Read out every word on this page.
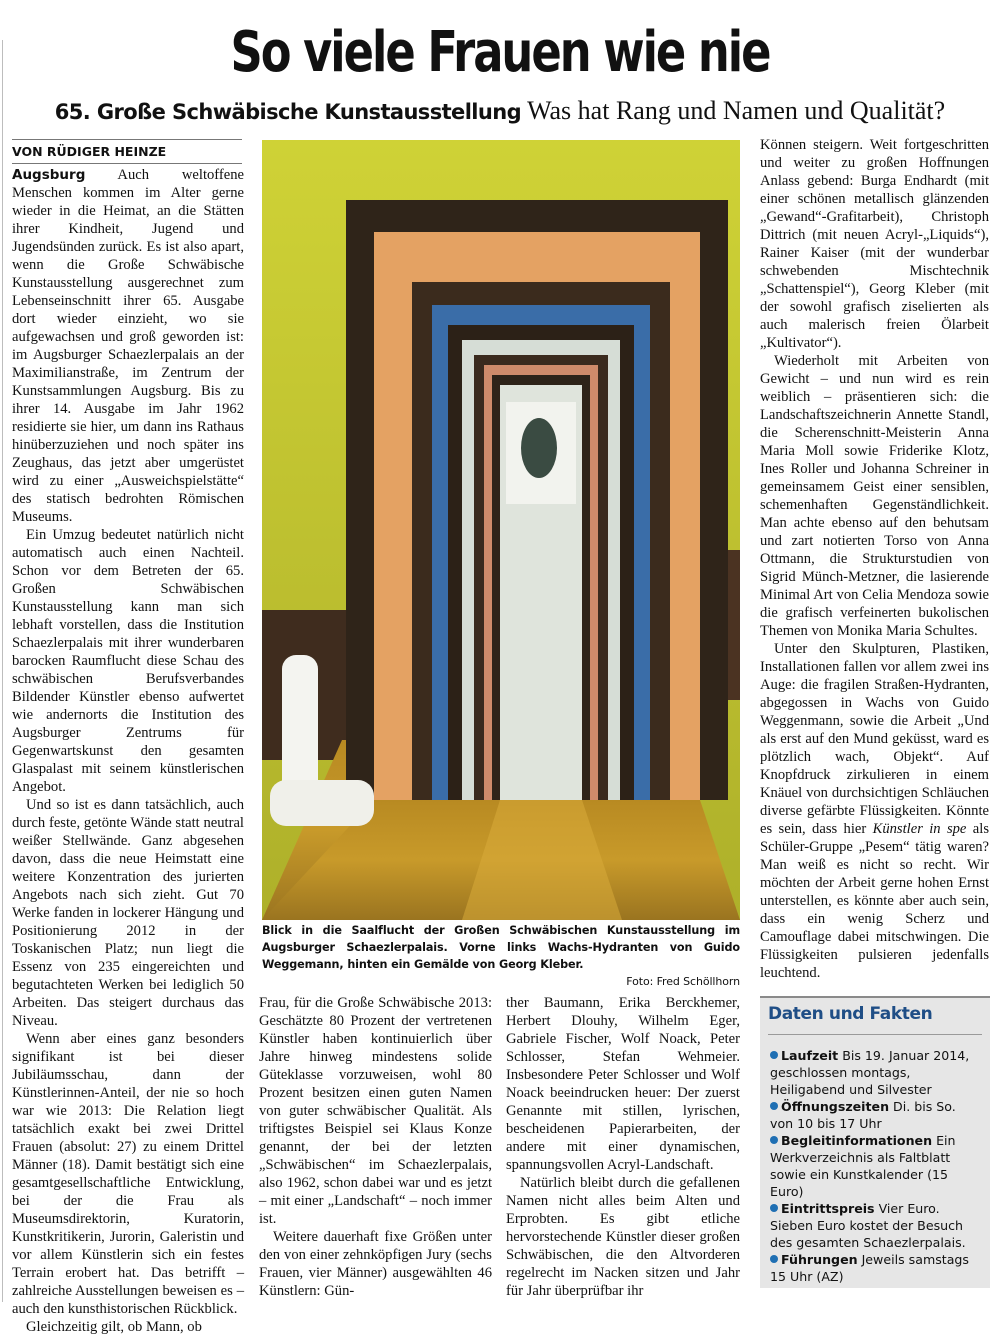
So viele Frauen wie nie
65. Große Schwäbische Kunstausstellung Was hat Rang und Namen und Qualität?
VON RÜDIGER HEINZE

Augsburg Auch weltoffene Menschen kommen im Alter gerne wieder in die Heimat, an die Stätten ihrer Kindheit, Jugend und Jugendsünden zurück. Es ist also apart, wenn die Große Schwäbische Kunstausstellung ausgerechnet zum Lebenseinschnitt ihrer 65. Ausgabe dort wieder einzieht, wo sie aufgewachsen und groß geworden ist: im Augsburger Schaezlerpalais an der Maximilianstraße, im Zentrum der Kunstsammlungen Augsburg. Bis zu ihrer 14. Ausgabe im Jahr 1962 residierte sie hier, um dann ins Rathaus hinüberzuziehen und noch später ins Zeughaus, das jetzt aber umgerüstet wird zu einer „Ausweichspielstätte“ des statisch bedrohten Römischen Museums.

Ein Umzug bedeutet natürlich nicht automatisch auch einen Nachteil. Schon vor dem Betreten der 65. Großen Schwäbischen Kunstausstellung kann man sich lebhaft vorstellen, dass die Institution Schaezlerpalais mit ihrer wunderbaren barocken Raumflucht diese Schau des schwäbischen Berufsverbandes Bildender Künstler ebenso aufwertet wie andernorts die Institution des Augsburger Zentrums für Gegenwartskunst den gesamten Glaspalast mit seinem künstlerischen Angebot.

Und so ist es dann tatsächlich, auch durch feste, getönte Wände statt neutral weißer Stellwände. Ganz abgesehen davon, dass die neue Heimstatt eine weitere Konzentration des jurierten Angebots nach sich zieht. Gut 70 Werke fanden in lockerer Hängung und Positionierung 2012 in der Toskanischen Platz; nun liegt die Essenz von 235 eingereichten und begutachteten Werken bei lediglich 50 Arbeiten. Das steigert durchaus das Niveau.

Wenn aber eines ganz besonders signifikant ist bei dieser Jubiläumsschau, dann der Künstlerinnen-Anteil, der nie so hoch war wie 2013: Die Relation liegt tatsächlich exakt bei zwei Drittel Frauen (absolut: 27) zu einem Drittel Männer (18). Damit bestätigt sich eine gesamtgesellschaftliche Entwicklung, bei der die Frau als Museumsdirektorin, Kuratorin, Kunstkritikerin, Jurorin, Galeristin und vor allem Künstlerin sich ein festes Terrain erobert hat. Das betrifft – zahlreiche Ausstellungen beweisen es – auch den kunsthistorischen Rückblick.

Gleichzeitig gilt, ob Mann, ob

Blick in die Saalflucht der Großen Schwäbischen Kunstausstellung im Augsburger Schaezlerpalais. Vorne links Wachs-Hydranten von Guido Weggemann, hinten ein Gemälde von Georg Kleber.
Foto: Fred Schöllhorn

Frau, für die Große Schwäbische 2013: Geschätzte 80 Prozent der vertretenen Künstler haben kontinuierlich über Jahre hinweg mindestens solide Güteklasse vorzuweisen, wohl 80 Prozent besitzen einen guten Namen von guter schwäbischer Qualität. Als triftigstes Beispiel sei Klaus Konze genannt, der bei der letzten „Schwäbischen“ im Schaezlerpalais, also 1962, schon dabei war und es jetzt – mit einer „Landschaft“ – noch immer ist.

Weitere dauerhaft fixe Größen unter den von einer zehnköpfigen Jury (sechs Frauen, vier Männer) ausgewählten 46 Künstlern: Gün-

ther Baumann, Erika Berckhemer, Herbert Dlouhy, Wilhelm Eger, Gabriele Fischer, Wolf Noack, Peter Schlosser, Stefan Wehmeier. Insbesondere Peter Schlosser und Wolf Noack beeindrucken heuer: Der zuerst Genannte mit stillen, lyrischen, bescheidenen Papierarbeiten, der andere mit einer dynamischen, spannungsvollen Acryl-Landschaft.

Natürlich bleibt durch die gefallenen Namen nicht alles beim Alten und Erprobten. Es gibt etliche hervorstechende Künstler dieser großen Schwäbischen, die den Altvorderen regelrecht im Nacken sitzen und Jahr für Jahr überprüfbar ihr

Können steigern. Weit fortgeschritten und weiter zu großen Hoffnungen Anlass gebend: Burga Endhardt (mit einer schönen metallisch glänzenden „Gewand“-Grafitarbeit), Christoph Dittrich (mit neuen Acryl-„Liquids“), Rainer Kaiser (mit der wunderbar schwebenden Mischtechnik „Schattenspiel“), Georg Kleber (mit der sowohl grafisch ziselierten als auch malerisch freien Ölarbeit „Kultivator“).

Wiederholt mit Arbeiten von Gewicht – und nun wird es rein weiblich – präsentieren sich: die Landschaftszeichnerin Annette Standl, die Scherenschnitt-Meisterin Anna Maria Moll sowie Friderike Klotz, Ines Roller und Johanna Schreiner in gemeinsamem Geist einer sensiblen, schemenhaften Gegenständlichkeit. Man achte ebenso auf den behutsam und zart notierten Torso von Anna Ottmann, die Strukturstudien von Sigrid Münch-Metzner, die lasierende Minimal Art von Celia Mendoza sowie die grafisch verfeinerten bukolischen Themen von Monika Maria Schultes.

Unter den Skulpturen, Plastiken, Installationen fallen vor allem zwei ins Auge: die fragilen Straßen-Hydranten, abgegossen in Wachs von Guido Weggenmann, sowie die Arbeit „Und als erst auf den Mund geküsst, ward es plötzlich wach, Objekt“. Auf Knopfdruck zirkulieren in einem Knäuel von durchsichtigen Schläuchen diverse gefärbte Flüssigkeiten. Könnte es sein, dass hier Künstler in spe als Schüler-Gruppe „Pesem“ tätig waren? Man weiß es nicht so recht. Wir möchten der Arbeit gerne hohen Ernst unterstellen, es könnte aber auch sein, dass ein wenig Scherz und Camouflage dabei mitschwingen. Die Flüssigkeiten pulsieren jedenfalls leuchtend.

Daten und Fakten
Laufzeit Bis 19. Januar 2014, geschlossen montags, Heiligabend und Silvester
Öffnungszeiten Di. bis So. von 10 bis 17 Uhr
Begleitinformationen Ein Werkverzeichnis als Faltblatt sowie ein Kunstkalender (15 Euro)
Eintrittspreis Vier Euro. Sieben Euro kostet der Besuch des gesamten Schaezlerpalais.
Führungen Jeweils samstags 15 Uhr (AZ)
